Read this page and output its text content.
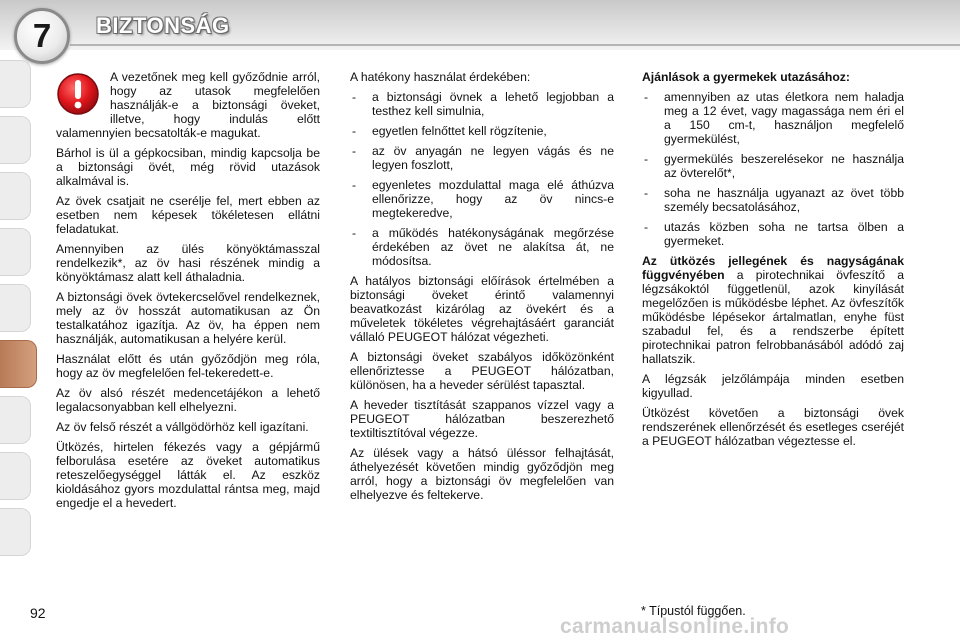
7	BIZTONSÁG

A vezetőnek meg kell győződnie arról, hogy az utasok megfelelően használják-e a biztonsági öveket, illetve, hogy indulás előtt valamennyien becsatolták-e magukat.

Bárhol is ül a gépkocsiban, mindig kapcsolja be a biztonsági övét, még rövid utazások alkalmával is.

Az övek csatjait ne cserélje fel, mert ebben az esetben nem képesek tökéletesen ellátni feladatukat.

Amennyiben az ülés könyöktámasszal rendelkezik*, az öv hasi részének mindig a könyöktámasz alatt kell áthaladnia.

A biztonsági övek övtekercselővel rendelkeznek, mely az öv hosszát automatikusan az Ön testalkatához igazítja. Az öv, ha éppen nem használják, automatikusan a helyére kerül.

Használat előtt és után győződjön meg róla, hogy az öv megfelelően fel-tekeredett-e.

Az öv alsó részét medencetájékon a lehető legalacsonyabban kell elhelyezni.

Az öv felső részét a vállgödörhöz kell igazítani.

Ütközés, hirtelen fékezés vagy a gépjármű felborulása esetére az öveket automatikus reteszelőegységgel látták el. Az eszköz kioldásához gyors mozdulattal rántsa meg, majd engedje el a hevedert.

A hatékony használat érdekében:

- a biztonsági övnek a lehető legjobban a testhez kell simulnia,
- egyetlen felnőttet kell rögzítenie,
- az öv anyagán ne legyen vágás és ne legyen foszlott,
- egyenletes mozdulattal maga elé áthúzva ellenőrizze, hogy az öv nincs-e megtekeredve,
- a működés hatékonyságának megőrzése érdekében az övet ne alakítsa át, ne módosítsa.

A hatályos biztonsági előírások értelmében a biztonsági öveket érintő valamennyi beavatkozást kizárólag az övekért és a műveletek tökéletes végrehajtásáért garanciát vállaló PEUGEOT hálózat végezheti.

A biztonsági öveket szabályos időközönként ellenőriztesse a PEUGEOT hálózatban, különösen, ha a heveder sérülést tapasztal.

A heveder tisztítását szappanos vízzel vagy a PEUGEOT hálózatban beszerezhető textiltisztítóval végezze.

Az ülések vagy a hátsó üléssor felhajtását, áthelyezését követően mindig győződjön meg arról, hogy a biztonsági öv megfelelően van elhelyezve és feltekerve.

Ajánlások a gyermekek utazásához:

- amennyiben az utas életkora nem haladja meg a 12 évet, vagy magassága nem éri el a 150 cm-t, használjon megfelelő gyermekülést,
- gyermekülés beszerelésekor ne használja az övterelőt*,
- soha ne használja ugyanazt az övet több személy becsatolásához,
- utazás közben soha ne tartsa ölben a gyermeket.

Az ütközés jellegének és nagyságának függvényében a pirotechnikai övfeszítő a légzsákoktól függetlenül, azok kinyílását megelőzően is működésbe léphet. Az övfeszítők működésbe lépésekor ártalmatlan, enyhe füst szabadul fel, és a rendszerbe épített pirotechnikai patron felrobbanásából adódó zaj hallatszik.

A légzsák jelzőlámpája minden esetben kigyullad.

Ütközést követően a biztonsági övek rendszerének ellenőrzését és esetleges cseréjét a PEUGEOT hálózatban végeztesse el.

92	* Típustól függően.
carmanualsonline.info
